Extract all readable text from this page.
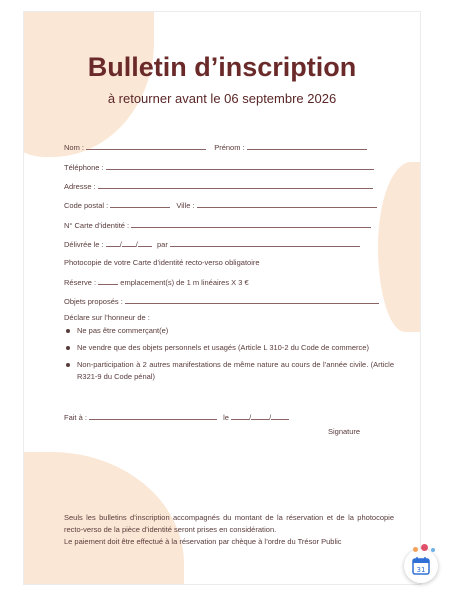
Bulletin d’inscription
à retourner avant le 06 septembre 2026
Nom :	Prénom :
Téléphone :
Adresse :
Code postal :	Ville :
N° Carte d’identité :
Délivrée le : / /	par
Photocopie de votre Carte d’identité recto-verso obligatoire
Réserve :	emplacement(s) de 1 m linéaires X 3 €
Objets proposés :
Déclare sur l’honneur de :
Ne pas être commerçant(e)
Ne vendre que des objets personnels et usagés (Article L 310-2 du Code de commerce)
Non-participation à 2 autres manifestations de même nature au cours de l’année civile. (Article R321-9 du Code pénal)
Fait à :	le	/ /
Signature
Seuls les bulletins d’inscription accompagnés du montant de la réservation et de la photocopie recto-verso de la pièce d’identité seront prises en considération.
Le paiement doit être effectué à la réservation par chèque à l’ordre du Trésor Public
31
